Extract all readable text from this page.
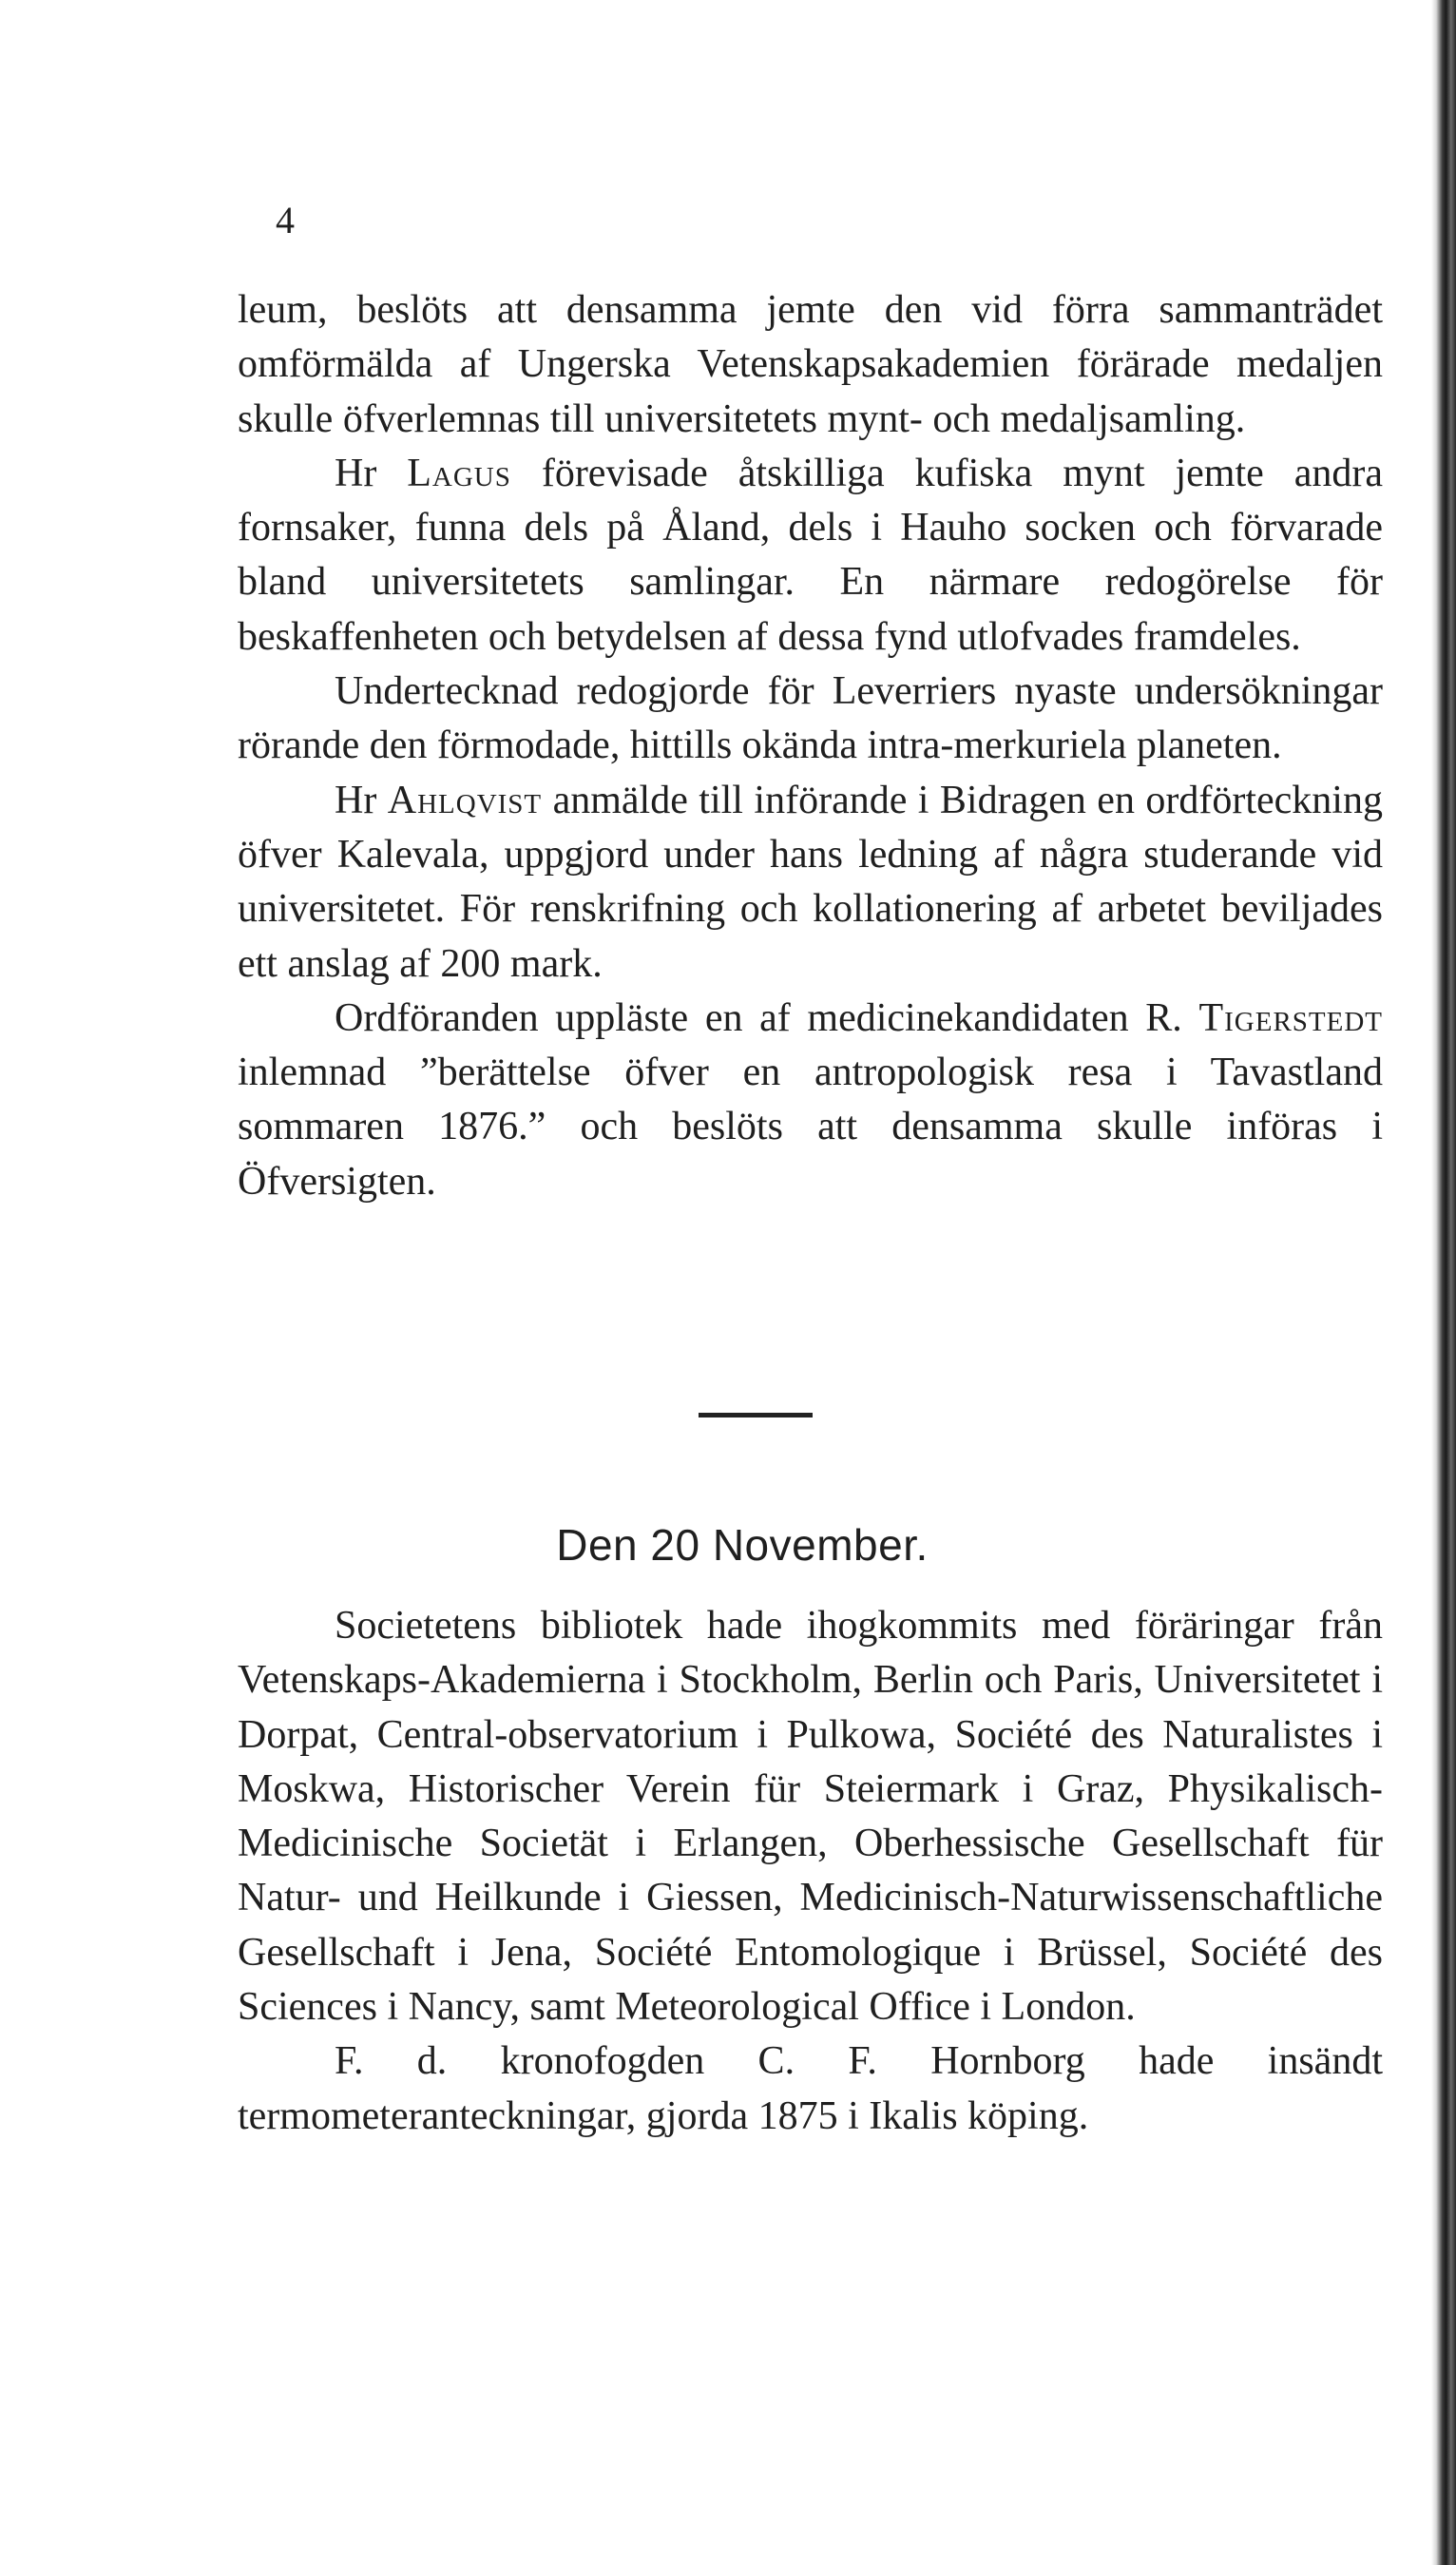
4

leum, beslöts att densamma jemte den vid förra sammanträdet omförmälda af Ungerska Vetenskapsakademien förärade medaljen skulle öfverlemnas till universitetets mynt- och medaljsamling.

Hr Lagus förevisade åtskilliga kufiska mynt jemte andra fornsaker, funna dels på Åland, dels i Hauho socken och förvarade bland universitetets samlingar. En närmare redogörelse för beskaffenheten och betydelsen af dessa fynd utlofvades framdeles.

Undertecknad redogjorde för Leverriers nyaste undersökningar rörande den förmodade, hittills okända intra-merkuriela planeten.

Hr Ahlqvist anmälde till införande i Bidragen en ordförteckning öfver Kalevala, uppgjord under hans ledning af några studerande vid universitetet. För renskrifning och kollationering af arbetet beviljades ett anslag af 200 mark.

Ordföranden uppläste en af medicinekandidaten R. Tigerstedt inlemnad ”berättelse öfver en antropologisk resa i Tavastland sommaren 1876.” och beslöts att densamma skulle införas i Öfversigten.

Den 20 November.

Societetens bibliotek hade ihogkommits med föräringar från Vetenskaps-Akademierna i Stockholm, Berlin och Paris, Universitetet i Dorpat, Central-observatorium i Pulkowa, Société des Naturalistes i Moskwa, Historischer Verein für Steiermark i Graz, Physikalisch-Medicinische Societät i Erlangen, Oberhessische Gesellschaft für Natur- und Heilkunde i Giessen, Medicinisch-Naturwissenschaftliche Gesellschaft i Jena, Société Entomologique i Brüssel, Société des Sciences i Nancy, samt Meteorological Office i London.

F. d. kronofogden C. F. Hornborg hade insändt termometeranteckningar, gjorda 1875 i Ikalis köping.
